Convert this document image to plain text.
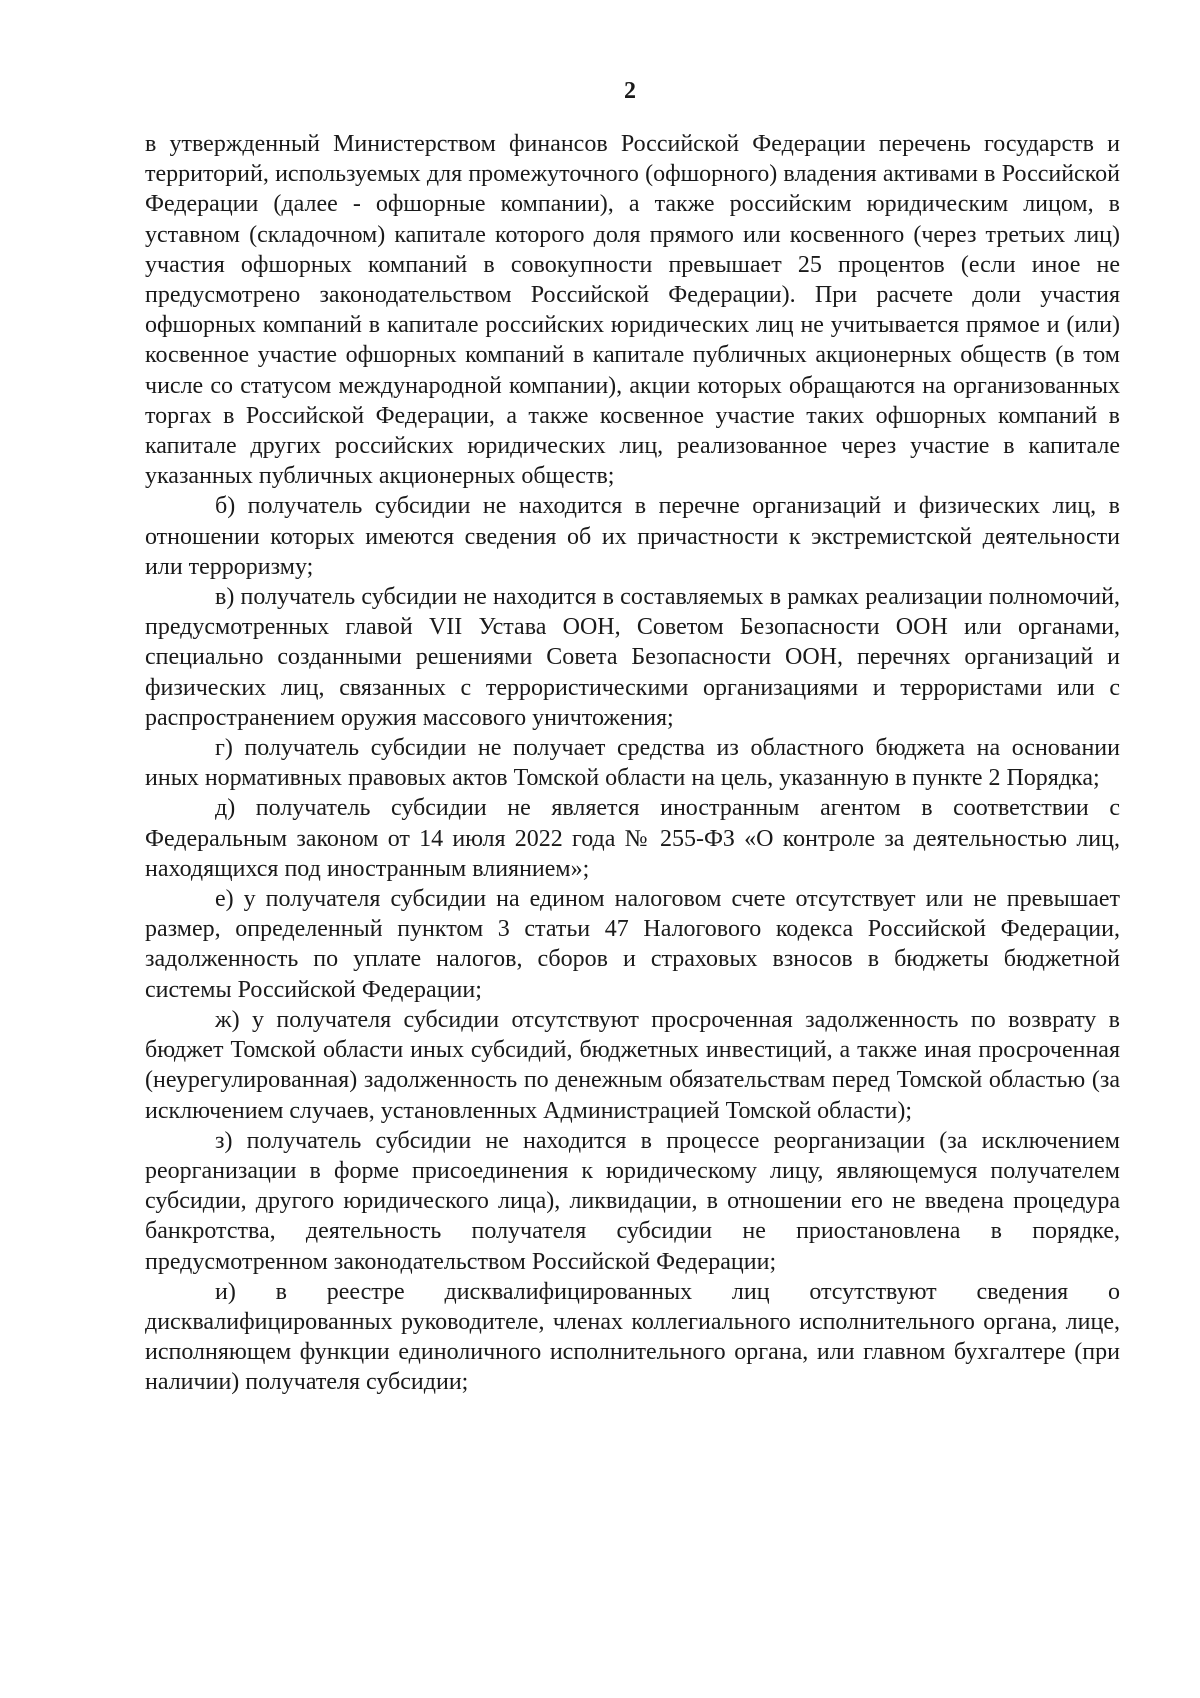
2

в утвержденный Министерством финансов Российской Федерации перечень государств и территорий, используемых для промежуточного (офшорного) владения активами в Российской Федерации (далее - офшорные компании), а также российским юридическим лицом, в уставном (складочном) капитале которого доля прямого или косвенного (через третьих лиц) участия офшорных компаний в совокупности превышает 25 процентов (если иное не предусмотрено законодательством Российской Федерации). При расчете доли участия офшорных компаний в капитале российских юридических лиц не учитывается прямое и (или) косвенное участие офшорных компаний в капитале публичных акционерных обществ (в том числе со статусом международной компании), акции которых обращаются на организованных торгах в Российской Федерации, а также косвенное участие таких офшорных компаний в капитале других российских юридических лиц, реализованное через участие в капитале указанных публичных акционерных обществ;

б) получатель субсидии не находится в перечне организаций и физических лиц, в отношении которых имеются сведения об их причастности к экстремистской деятельности или терроризму;

в) получатель субсидии не находится в составляемых в рамках реализации полномочий, предусмотренных главой VII Устава ООН, Советом Безопасности ООН или органами, специально созданными решениями Совета Безопасности ООН, перечнях организаций и физических лиц, связанных с террористическими организациями и террористами или с распространением оружия массового уничтожения;

г) получатель субсидии не получает средства из областного бюджета на основании иных нормативных правовых актов Томской области на цель, указанную в пункте 2 Порядка;

д) получатель субсидии не является иностранным агентом в соответствии с Федеральным законом от 14 июля 2022 года № 255-ФЗ «О контроле за деятельностью лиц, находящихся под иностранным влиянием»;

е) у получателя субсидии на едином налоговом счете отсутствует или не превышает размер, определенный пунктом 3 статьи 47 Налогового кодекса Российской Федерации, задолженность по уплате налогов, сборов и страховых взносов в бюджеты бюджетной системы Российской Федерации;

ж) у получателя субсидии отсутствуют просроченная задолженность по возврату в бюджет Томской области иных субсидий, бюджетных инвестиций, а также иная просроченная (неурегулированная) задолженность по денежным обязательствам перед Томской областью (за исключением случаев, установленных Администрацией Томской области);

з) получатель субсидии не находится в процессе реорганизации (за исключением реорганизации в форме присоединения к юридическому лицу, являющемуся получателем субсидии, другого юридического лица), ликвидации, в отношении его не введена процедура банкротства, деятельность получателя субсидии не приостановлена в порядке, предусмотренном законодательством Российской Федерации;

и) в реестре дисквалифицированных лиц отсутствуют сведения о дисквалифицированных руководителе, членах коллегиального исполнительного органа, лице, исполняющем функции единоличного исполнительного органа, или главном бухгалтере (при наличии) получателя субсидии;
